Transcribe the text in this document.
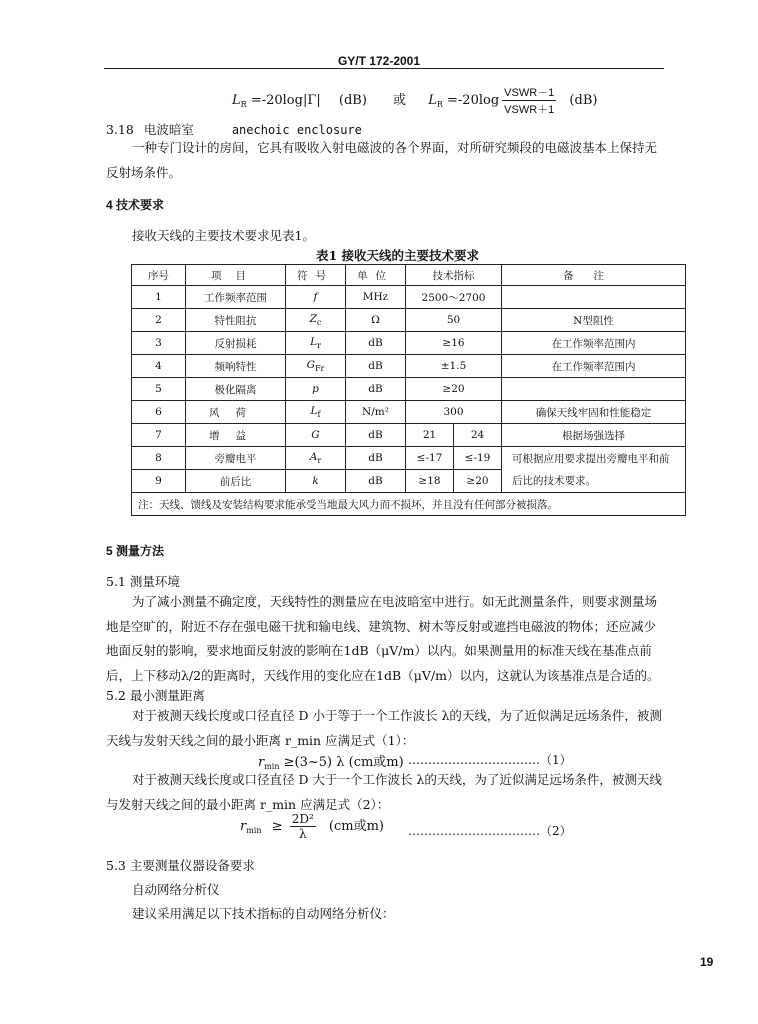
GY/T 172-2001
$L_R =-20\log|\Gamma|$ (dB) 或 $L_R =-20\log \frac{\text{VSWR－1}}{\text{VSWR＋1}} (dB)$
3.18 电波暗室	anechoic enclosure
一种专门设计的房间，它具有吸收入射电磁波的各个界面，对所研究频段的电磁波基本上保持无反射场条件。
4 技术要求
接收天线的主要技术要求见表1。
表1 接收天线的主要技术要求
序号	项目	符号	单位	技术指标		备注
1	工作频率范围	f	MHz	2500～2700		
2	特性阻抗	$Z_c$	Ω	50		N型阻性
3	反射损耗	$L_r$	dB	≥16		在工作频率范围内
4	频响特性	$G_{Fr}$	dB	±1.5		在工作频率范围内
5	极化隔离	p	dB	≥20		
6	风荷	$L_f$	N/m²	300		确保天线牢固和性能稳定
7	增益	G	dB	21	24	根据场强选择
8	旁瓣电平	$A_r$	dB	≤-17	≤-19	可根据应用要求提出旁瓣电平和前后比的技术要求。
9	前后比	k	dB	≥18	≥20	
注：天线、馈线及安装结构要求能承受当地最大风力而不损坏，并且没有任何部分被损落。						
5 测量方法
5.1 测量环境
为了减小测量不确定度，天线特性的测量应在电波暗室中进行。如无此测量条件，则要求测量场地是空旷的，附近不存在强电磁干扰和输电线、建筑物、树木等反射或遮挡电磁波的物体；还应减少地面反射的影响，要求地面反射波的影响在1dB（μV/m）以内。如果测量用的标准天线在基准点前后，上下移动λ/2的距离时，天线作用的变化应在1dB（μV/m）以内，这就认为该基准点是合适的。
5.2 最小测量距离
对于被测天线长度或口径直径 D 小于等于一个工作波长 λ的天线，为了近似满足远场条件，被测天线与发射天线之间的最小距离 r_min 应满足式（1）：
$r_{min}$ ≥(3~5) λ (cm或m) ……………………………（1）
对于被测天线长度或口径直径 D 大于一个工作波长 λ的天线，为了近似满足远场条件，被测天线与发射天线之间的最小距离 r_min 应满足式（2）：
$r_{min} \ge \frac{\text{2D²}}{\lambda} (cm$或m) ……………………………（2）
5.3 主要测量仪器设备要求
自动网络分析仪
建议采用满足以下技术指标的自动网络分析仪：
19
